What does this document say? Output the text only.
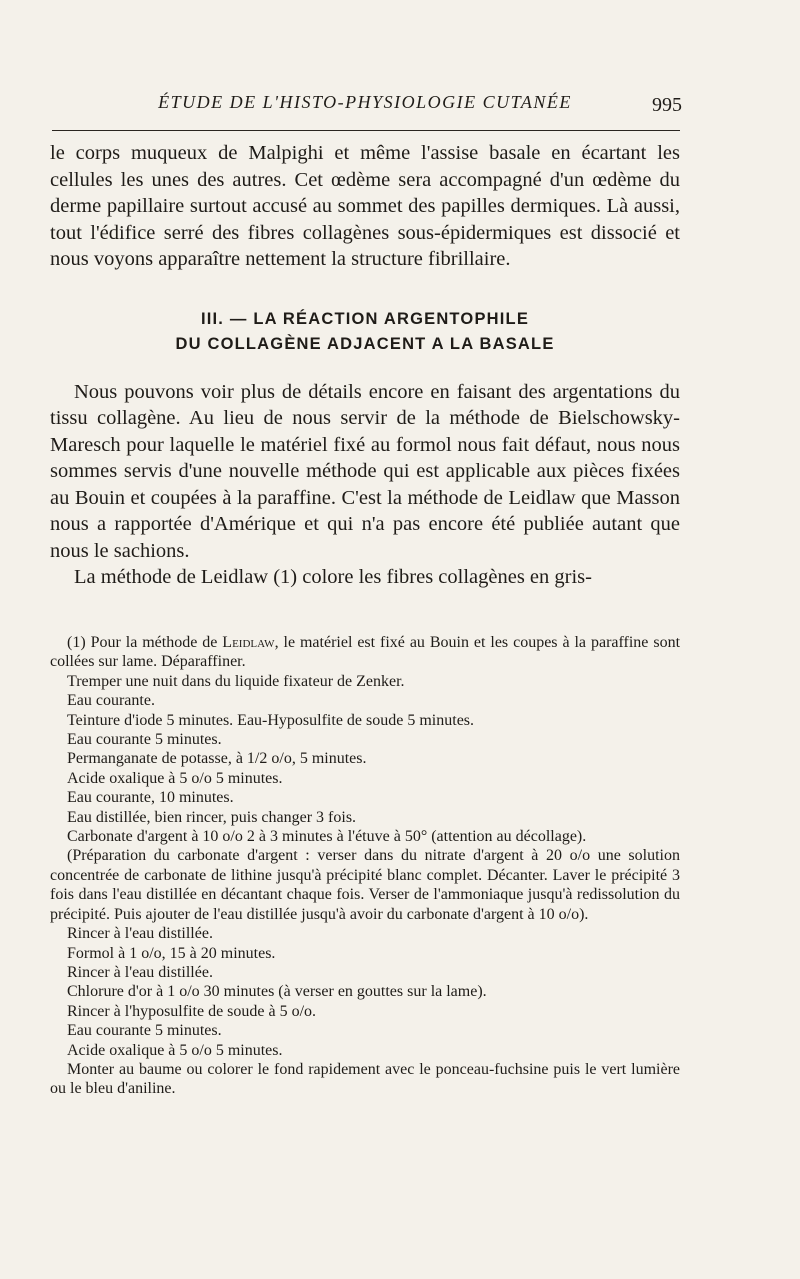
ÉTUDE DE L'HISTO-PHYSIOLOGIE CUTANÉE	995

le corps muqueux de Malpighi et même l'assise basale en écartant les cellules les unes des autres. Cet œdème sera accompagné d'un œdème du derme papillaire surtout accusé au sommet des papilles dermiques. Là aussi, tout l'édifice serré des fibres collagènes sous-épidermiques est dissocié et nous voyons apparaître nettement la structure fibrillaire.

III. — LA RÉACTION ARGENTOPHILE
DU COLLAGÈNE ADJACENT A LA BASALE

Nous pouvons voir plus de détails encore en faisant des argentations du tissu collagène. Au lieu de nous servir de la méthode de Bielschowsky-Maresch pour laquelle le matériel fixé au formol nous fait défaut, nous nous sommes servis d'une nouvelle méthode qui est applicable aux pièces fixées au Bouin et coupées à la paraffine. C'est la méthode de Leidlaw que Masson nous a rapportée d'Amérique et qui n'a pas encore été publiée autant que nous le sachions.

La méthode de Leidlaw (1) colore les fibres collagènes en gris-

(1) Pour la méthode de Leidlaw, le matériel est fixé au Bouin et les coupes à la paraffine sont collées sur lame. Déparaffiner.

Tremper une nuit dans du liquide fixateur de Zenker.

Eau courante.

Teinture d'iode 5 minutes. Eau-Hyposulfite de soude 5 minutes.

Eau courante 5 minutes.

Permanganate de potasse, à 1/2 o/o, 5 minutes.

Acide oxalique à 5 o/o 5 minutes.

Eau courante, 10 minutes.

Eau distillée, bien rincer, puis changer 3 fois.

Carbonate d'argent à 10 o/o 2 à 3 minutes à l'étuve à 50° (attention au décollage).

(Préparation du carbonate d'argent : verser dans du nitrate d'argent à 20 o/o une solution concentrée de carbonate de lithine jusqu'à précipité blanc complet. Décanter. Laver le précipité 3 fois dans l'eau distillée en décantant chaque fois. Verser de l'ammoniaque jusqu'à redissolution du précipité. Puis ajouter de l'eau distillée jusqu'à avoir du carbonate d'argent à 10 o/o).

Rincer à l'eau distillée.

Formol à 1 o/o, 15 à 20 minutes.

Rincer à l'eau distillée.

Chlorure d'or à 1 o/o 30 minutes (à verser en gouttes sur la lame).

Rincer à l'hyposulfite de soude à 5 o/o.

Eau courante 5 minutes.

Acide oxalique à 5 o/o 5 minutes.

Monter au baume ou colorer le fond rapidement avec le ponceau-fuchsine puis le vert lumière ou le bleu d'aniline.
